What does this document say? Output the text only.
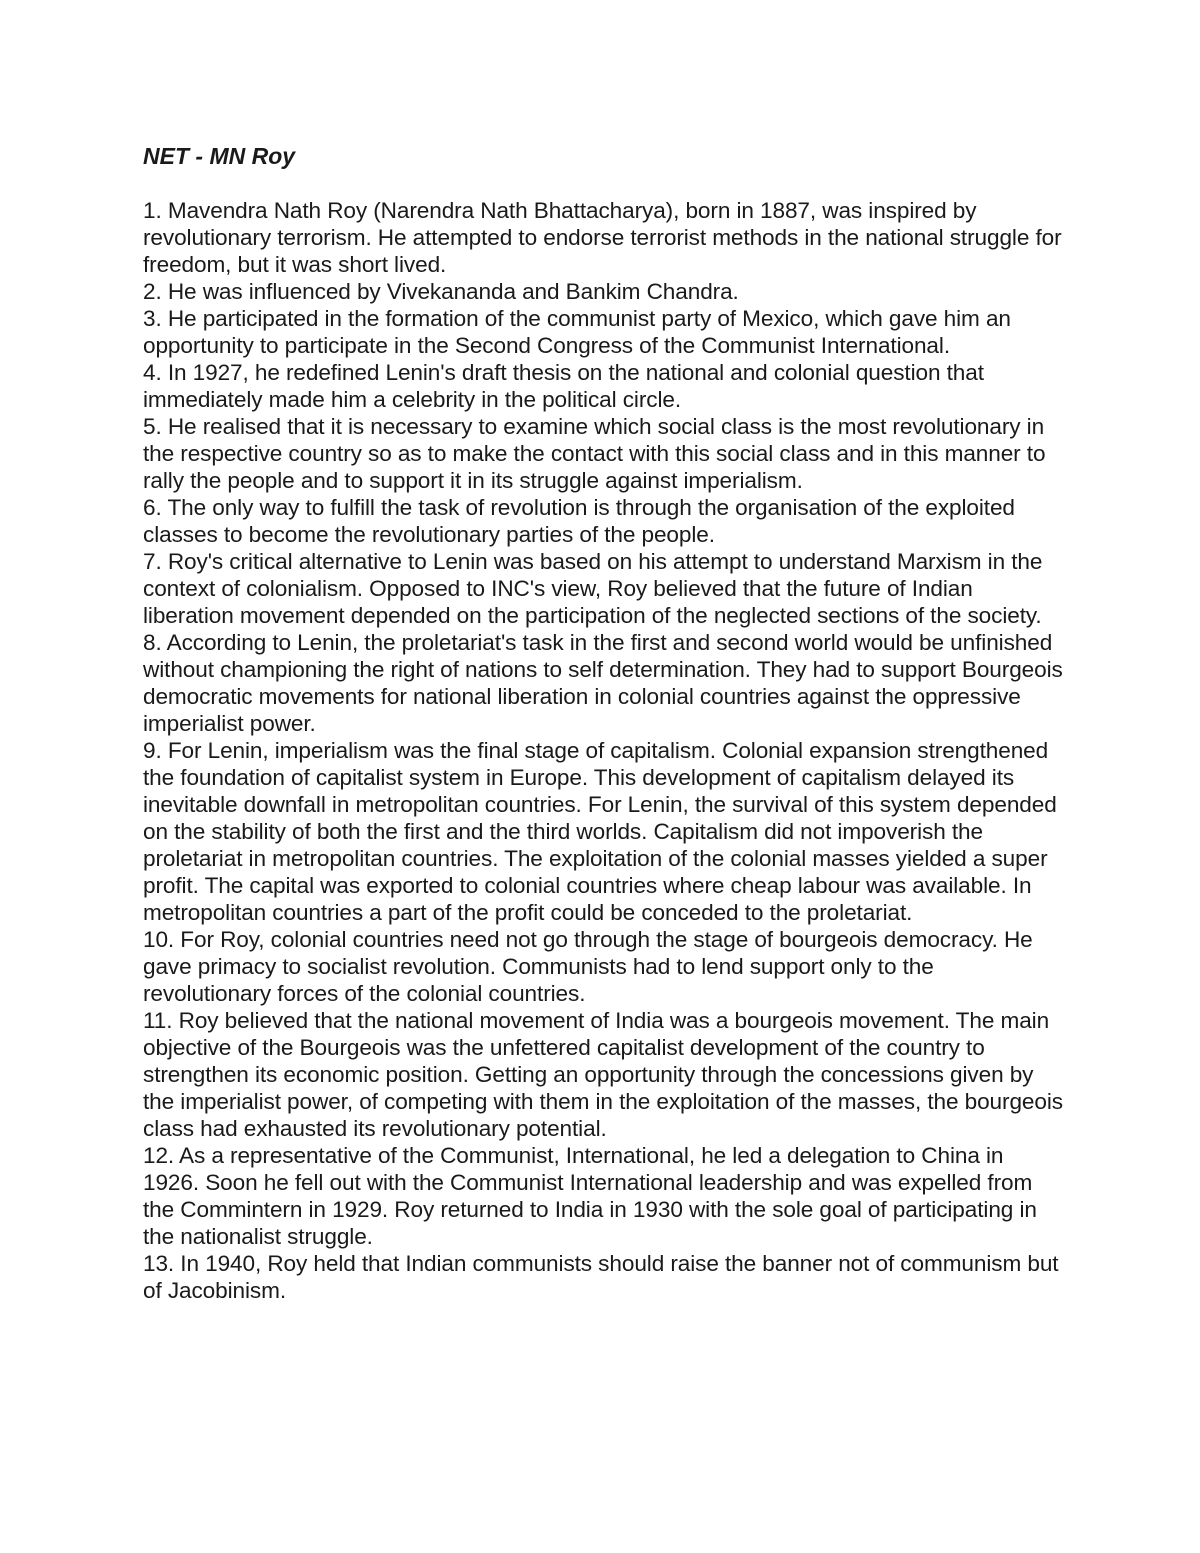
NET - MN Roy
1. Mavendra Nath Roy (Narendra Nath Bhattacharya), born in 1887, was inspired by revolutionary terrorism. He attempted to endorse terrorist methods in the national struggle for freedom, but it was short lived.
2. He was influenced by Vivekananda and Bankim Chandra.
3. He participated in the formation of the communist party of Mexico, which gave him an opportunity to participate in the Second Congress of the Communist International.
4. In 1927, he redefined Lenin's draft thesis on the national and colonial question that immediately made him a celebrity in the political circle.
5. He realised that it is necessary to examine which social class is the most revolutionary in the respective country so as to make the contact with this social class and in this manner to rally the people and to support it in its struggle against imperialism.
6. The only way to fulfill the task of revolution is through the organisation of the exploited classes to become the revolutionary parties of the people.
7. Roy's critical alternative to Lenin was based on his attempt to understand Marxism in the context of colonialism. Opposed to INC's view, Roy believed that the future of Indian liberation movement depended on the participation of the neglected sections of the society.
8. According to Lenin, the proletariat's task in the first and second world would be unfinished without championing the right of nations to self determination. They had to support Bourgeois democratic movements for national liberation in colonial countries against the oppressive imperialist power.
9. For Lenin, imperialism was the final stage of capitalism. Colonial expansion strengthened the foundation of capitalist system in Europe. This development of capitalism delayed its inevitable downfall in metropolitan countries. For Lenin, the survival of this system depended on the stability of both the first and the third worlds. Capitalism did not impoverish the proletariat in metropolitan countries. The exploitation of the colonial masses yielded a super profit. The capital was exported to colonial countries where cheap labour was available. In metropolitan countries a part of the profit could be conceded to the proletariat.
10. For Roy, colonial countries need not go through the stage of bourgeois democracy. He gave primacy to socialist revolution. Communists had to lend support only to the revolutionary forces of the colonial countries.
11. Roy believed that the national movement of India was a bourgeois movement. The main objective of the Bourgeois was the unfettered capitalist development of the country to strengthen its economic position. Getting an opportunity through the concessions given by the imperialist power, of competing with them in the exploitation of the masses, the bourgeois class had exhausted its revolutionary potential.
12. As a representative of the Communist, International, he led a delegation to China in 1926. Soon he fell out with the Communist International leadership and was expelled from the Commintern in 1929. Roy returned to India in 1930 with the sole goal of participating in the nationalist struggle.
13. In 1940, Roy held that Indian communists should raise the banner not of communism but of Jacobinism.
